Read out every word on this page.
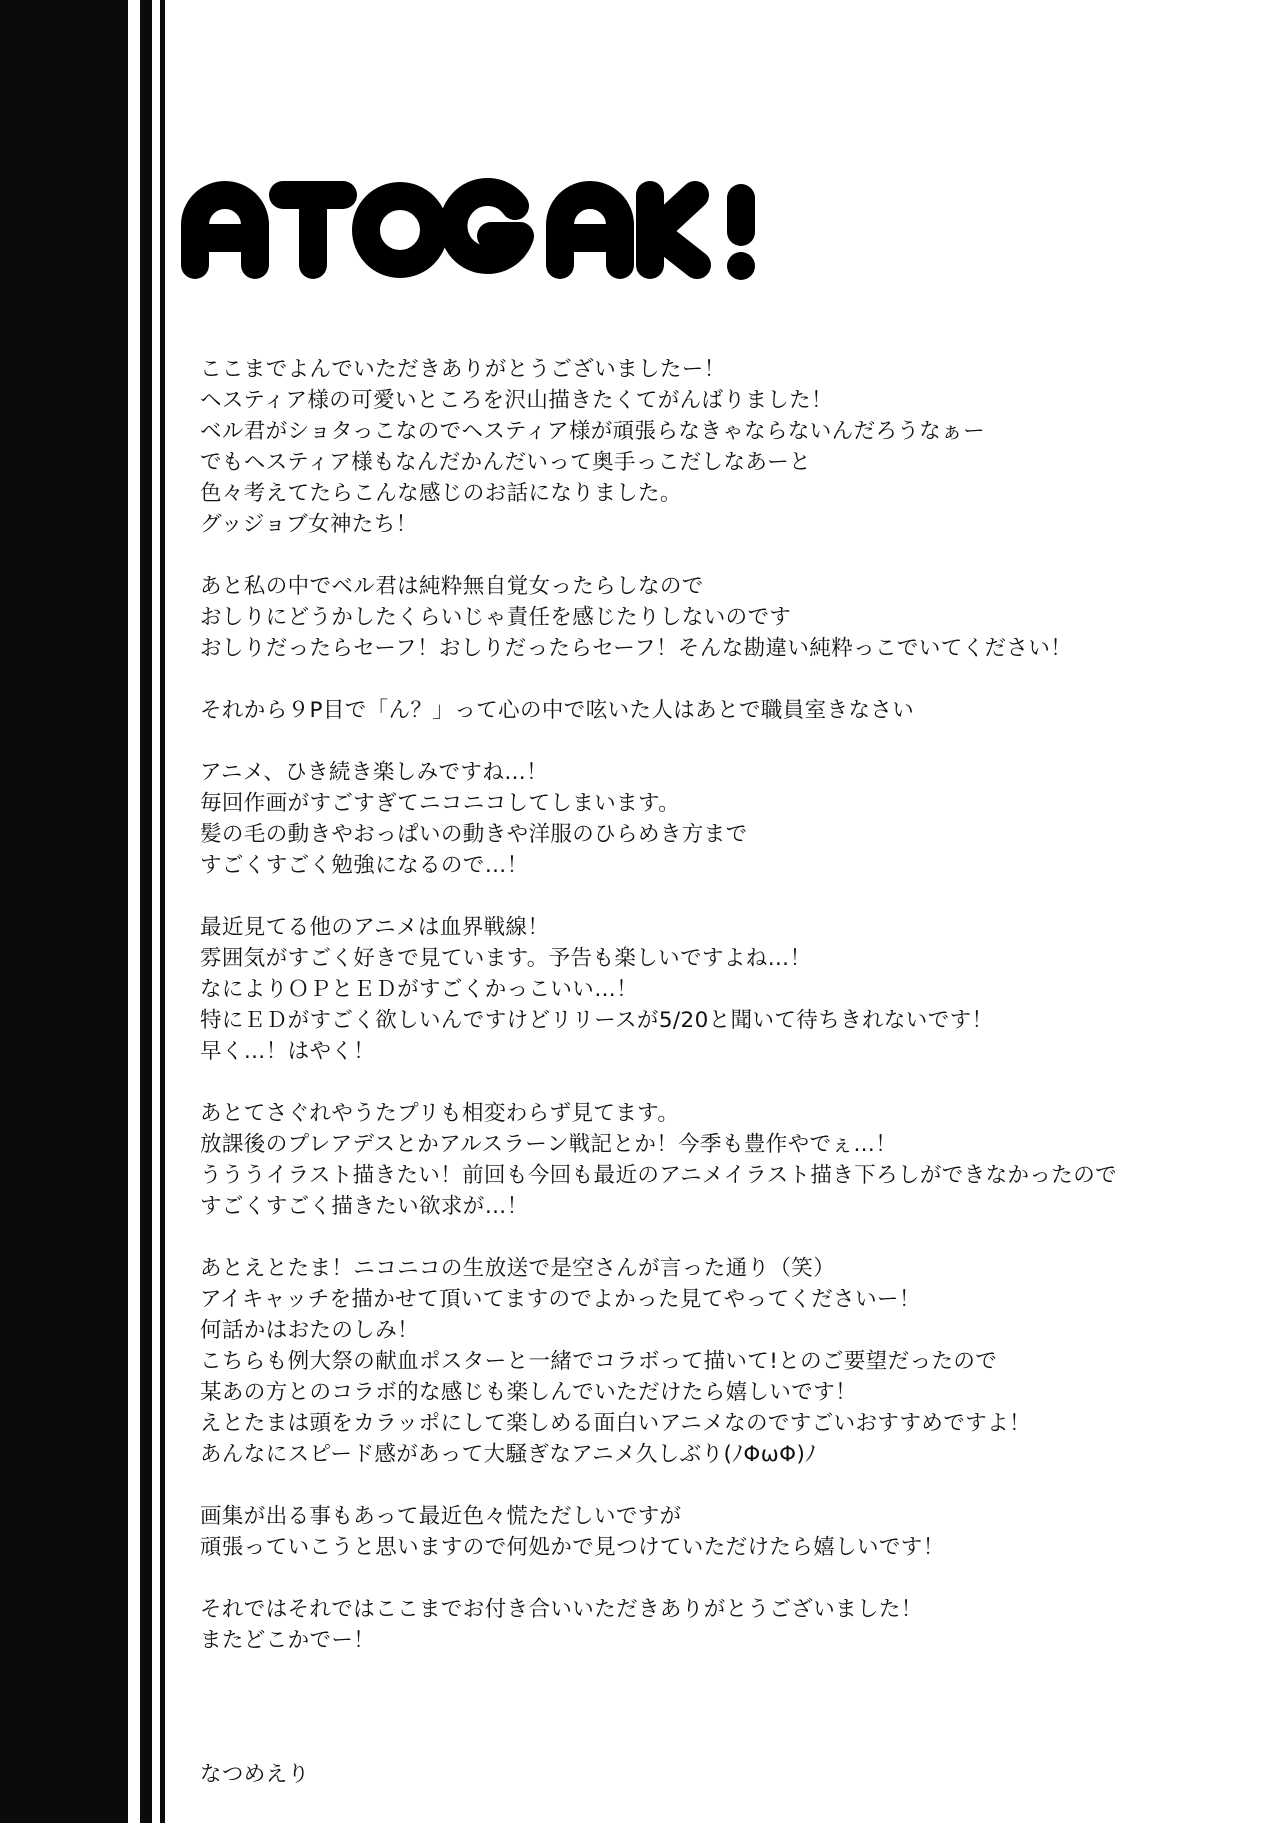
ここまでよんでいただきありがとうございましたー！
ヘスティア様の可愛いところを沢山描きたくてがんばりました！
ベル君がショタっこなのでヘスティア様が頑張らなきゃならないんだろうなぁー
でもヘスティア様もなんだかんだいって奥手っこだしなあーと
色々考えてたらこんな感じのお話になりました。
グッジョブ女神たち！
あと私の中でベル君は純粋無自覚女ったらしなので
おしりにどうかしたくらいじゃ責任を感じたりしないのです
おしりだったらセーフ！おしりだったらセーフ！そんな勘違い純粋っこでいてください！
それから９P目で「ん？」って心の中で呟いた人はあとで職員室きなさい
アニメ、ひき続き楽しみですね…！
毎回作画がすごすぎてニコニコしてしまいます。
髪の毛の動きやおっぱいの動きや洋服のひらめき方まで
すごくすごく勉強になるので…！
最近見てる他のアニメは血界戦線！
雰囲気がすごく好きで見ています。予告も楽しいですよね…！
なによりＯＰとＥＤがすごくかっこいい…！
特にＥＤがすごく欲しいんですけどリリースが5/20と聞いて待ちきれないです！
早く…！はやく！
あとてさぐれやうたプリも相変わらず見てます。
放課後のプレアデスとかアルスラーン戦記とか！今季も豊作やでぇ…！
うううイラスト描きたい！前回も今回も最近のアニメイラスト描き下ろしができなかったので
すごくすごく描きたい欲求が…！
あとえとたま！ニコニコの生放送で是空さんが言った通り（笑）
アイキャッチを描かせて頂いてますのでよかった見てやってくださいー！
何話かはおたのしみ！
こちらも例大祭の献血ポスターと一緒でコラボって描いて!とのご要望だったので
某あの方とのコラボ的な感じも楽しんでいただけたら嬉しいです！
えとたまは頭をカラッポにして楽しめる面白いアニメなのですごいおすすめですよ！
あんなにスピード感があって大騒ぎなアニメ久しぶり(ﾉΦωΦ)ﾉ
画集が出る事もあって最近色々慌ただしいですが
頑張っていこうと思いますので何処かで見つけていただけたら嬉しいです！
それではそれではここまでお付き合いいただきありがとうございました！
またどこかでー！
なつめえり
